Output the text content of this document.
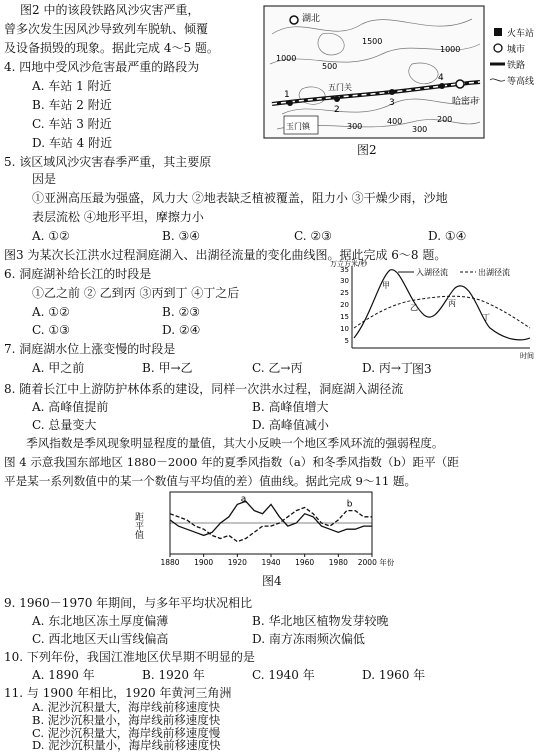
图2 中的该段铁路风沙灾害严重，
曾多次发生因风沙导致列车脱轨、倾覆
及设备损毁的现象。据此完成 4～5 题。
4. 四地中受风沙危害最严重的路段为
A. 车站 1 附近
B. 车站 2 附近
C. 车站 3 附近
D. 车站 4 附近
5. 该区域风沙灾害春季严重，其主要原
因是
①亚洲高压最为强盛，风力大 ②地表缺乏植被覆盖，阻力小 ③干燥少雨，沙地
表层流松 ④地形平坦，摩擦力小
A. ①②	B. ③④	C. ②③	D. ①④
图3 为某次长江洪水过程洞庭湖入、出湖径流量的变化曲线图。据此完成 6～8 题。
6. 洞庭湖补给长江的时段是
①乙之前 ② 乙到丙 ③丙到丁 ④丁之后
A. ①②	B. ②③
C. ①③	D. ②④
7. 洞庭湖水位上涨变慢的时段是
A. 甲之前	B. 甲→乙	C. 乙→丙	D. 丙→丁
8. 随着长江中上游防护林体系的建设，同样一次洪水过程，洞庭湖入湖径流
A. 高峰值提前	B. 高峰值增大
C. 总量变大	D. 高峰值减小
季风指数是季风现象明显程度的量值，其大小反映一个地区季风环流的强弱程度。
图 4 示意我国东部地区 1880－2000 年的夏季风指数（a）和冬季风指数（b）距平（距
平是某一系列数值中的某一个数值与平均值的差）值曲线。据此完成 9～11 题。
9. 1960－1970 年期间，与多年平均状况相比
A. 东北地区冻土厚度偏薄	B. 华北地区植物发芽较晚
C. 西北地区天山雪线偏高	D. 南方冻雨频次偏低
10. 下列年份，我国江淮地区伏旱期不明显的是
A. 1890 年	B. 1920 年	C. 1940 年	D. 1960 年
11. 与 1900 年相比，1920 年黄河三角洲
A. 泥沙沉积量大，海岸线前移速度快
B. 泥沙沉积量小，海岸线前移速度快
C. 泥沙沉积量大，海岸线前移速度慢
D. 泥沙沉积量小，海岸线前移速度快
湖北
1000
1500
1000
500
400
300
200
300
哈密市
玉门镇
五门关
1
2
3
4
火车站
城市
铁路
等高线
图2
万立方米/秒
35
30
25
20
15
10
5
入湖径流	出湖径流
甲
乙	丙
丁
时间
图3
距平值
1880 1900 1920 1940 1960 1980 2000 年份
a	b
图4
